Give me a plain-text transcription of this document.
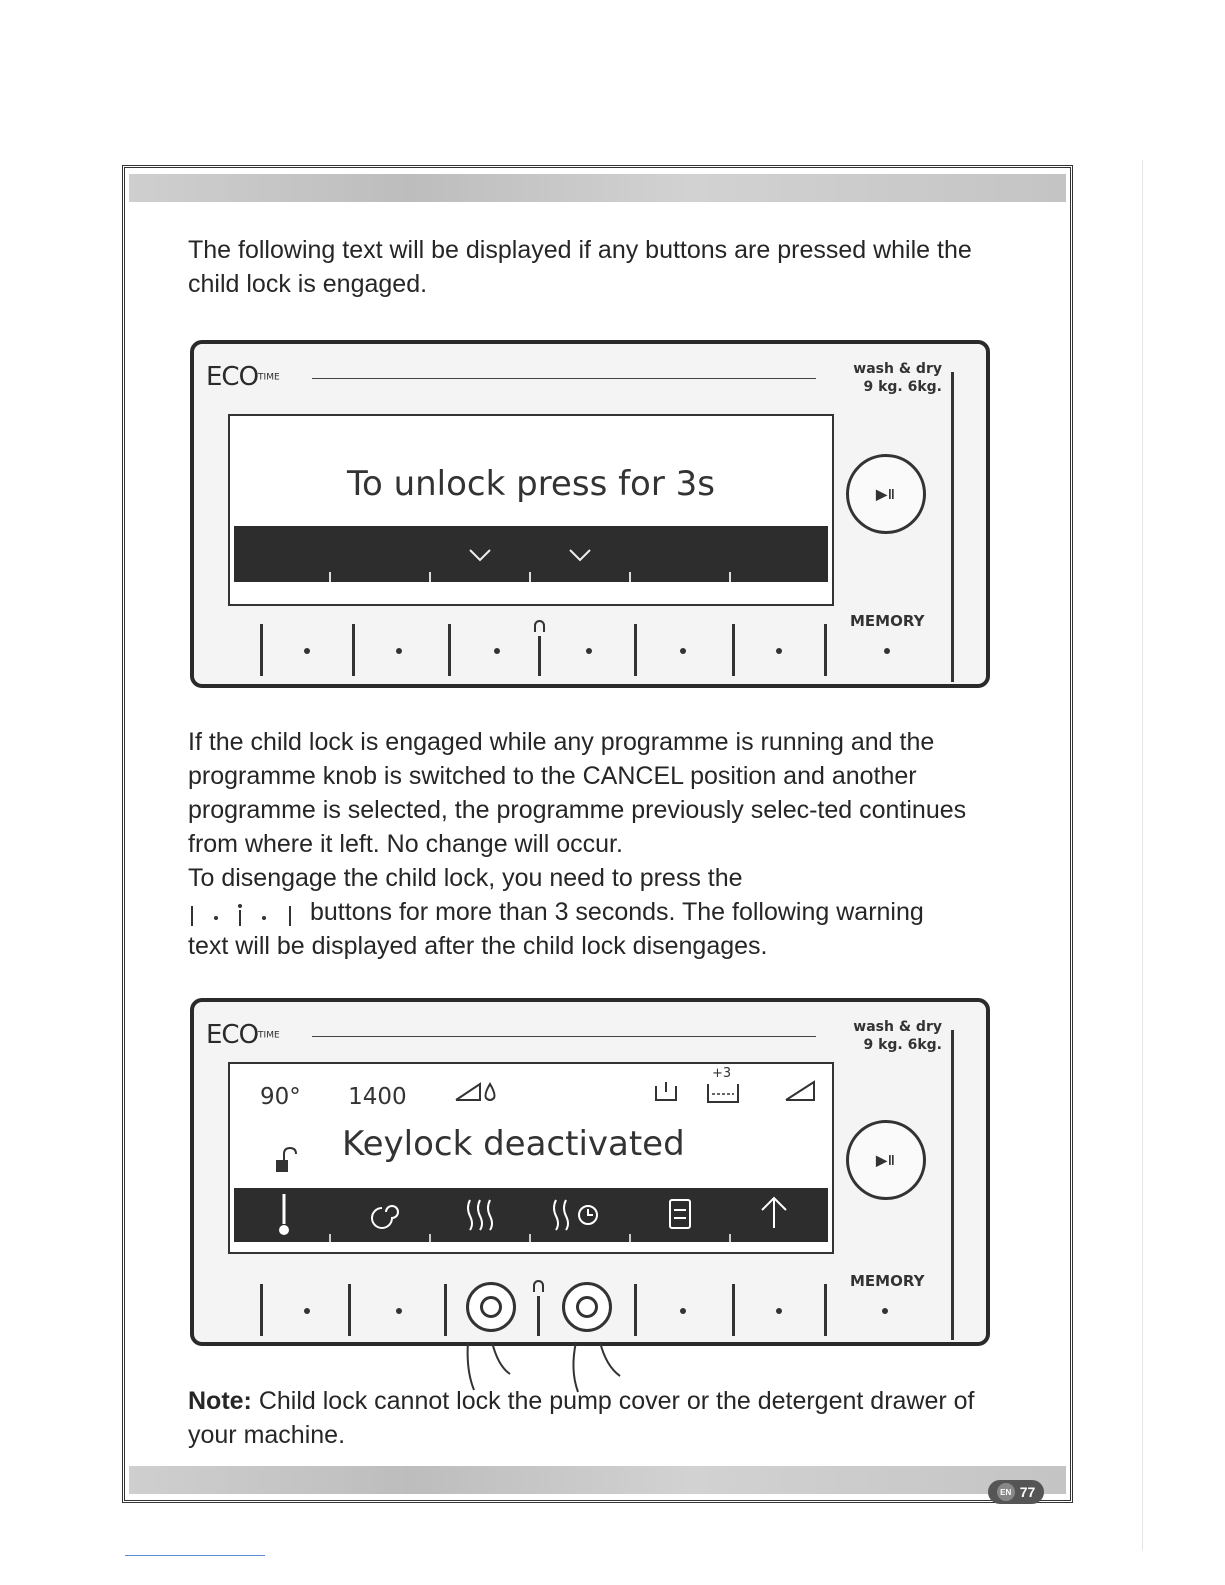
The following text will be displayed if any buttons are pressed while the child lock is engaged.

ECOTIME
wash & dry
9 kg. 6kg.
To unlock press for 3s	▶ǁ
MEMORY

If the child lock is engaged while any programme is running and the programme knob is switched to the CANCEL position and another programme is selected, the programme previously selec-ted continues from where it left. No change will occur.

To disengage the child lock, you need to press the

buttons for more than 3 seconds. The following warning

text will be displayed after the child lock disengages.

ECOTIME
wash & dry
9 kg. 6kg.
90° 1400
+3
Keylock deactivated	▶ǁ
MEMORY

Note: Child lock cannot lock the pump cover or the detergent drawer of your machine.

EN 77
